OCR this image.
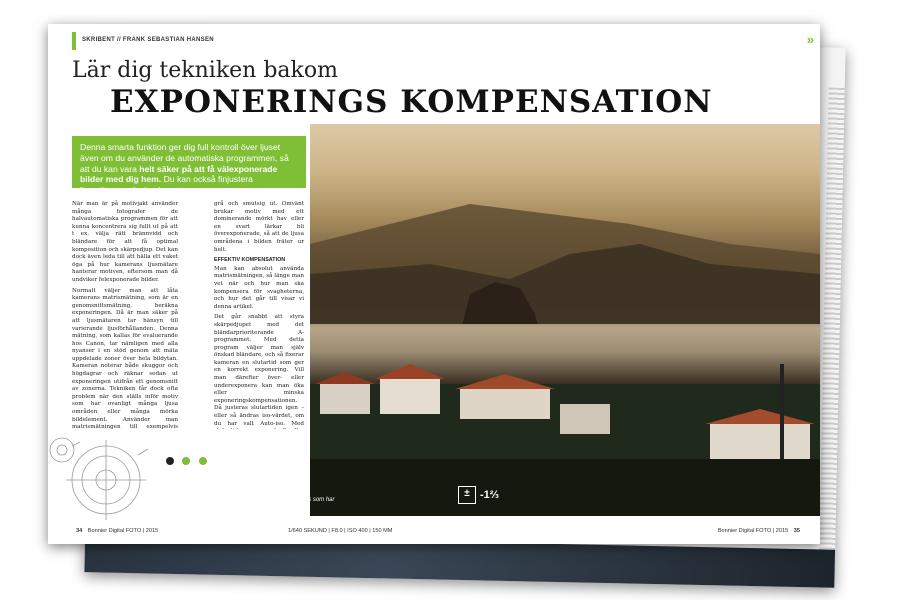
SKRIBENT // FRANK SEBASTIAN HANSEN	»
Lär dig tekniken bakom
EXPONERINGS KOMPENSATION
Denna smarta funktion ger dig full kontroll över ljuset även om du använder de automatiska programmen, så att du kan vara helt säker på att få välexponerade bilder med dig hem. Du kan också finjustera ljusmätaren när den konstrar.

När man är på motivjakt använder många fotografer de halvautomatiska programmen för att kunna koncentrera sig fullt ut på att t ex. välja rätt brännvidd och bländare för att få optimal komposition och skärpedjup. Det kan dock även leda till att hälla ett vaket öga på hur kamerans ljusmätare hanterar motiven, eftersom man då undviker felexponerade bilder.

Normalt väljer man att låta kamerans matrismätning, som är en genomsnittsmätning, beräkna exponeringen. Då är man säker på att ljusmätaren tar hänsyn till varierande ljusförhållanden. Denna mätning, som kallas för evaluerande hos Canon, tar nämligen med alla nyanser i en stöd genom att mäta uppdelade zoner över hela bildytan. Kameran noterar både skuggor och högdagrar och räknar sedan ut exponeringen utifrån ett genomsnitt av zonerna. Tekniken får dock ofta problem när den ställs inför motiv som har ovanligt många ljusa områden eller många mörka bildelement. Använder man matrismätningen till exempelvis

grå och smutsig ut. Omvänt brukar motiv med ett dominerande mörkt hav eller en svart lärkar bli överexponerade, så att de ljusa områdena i bilden fräter ur helt.

EFFEKTIV KOMPENSATION

Man kan absolut använda matrismätningen, så länge man vet när och hur man ska kompensera för svagheterna, och hur det går till visar vi denna artikel.

Det går snabbt att styra skärpedjupet med det bländarprioriterande A-programmet. Med detta program väljer man själv önskad bländare, och så fixerar kameran en slutartid som ger en korrekt exponering. Vill man därefter över- eller underexponera kan man öka eller minska exponeringskompensationen. Då justeras slutartiden igen – eller så ändras iso-värdet, om du har valt Auto-iso. Med

Ön Faial mitt i Atlanten i ett gyllene ljus som har framhävts med en underexponering.
± -1⅔
34 Bonnier Digital FOTO | 2015	1/640 SEKUND | F8.0 | ISO 400 | 150 MM	Bonnier Digital FOTO | 2015 35
